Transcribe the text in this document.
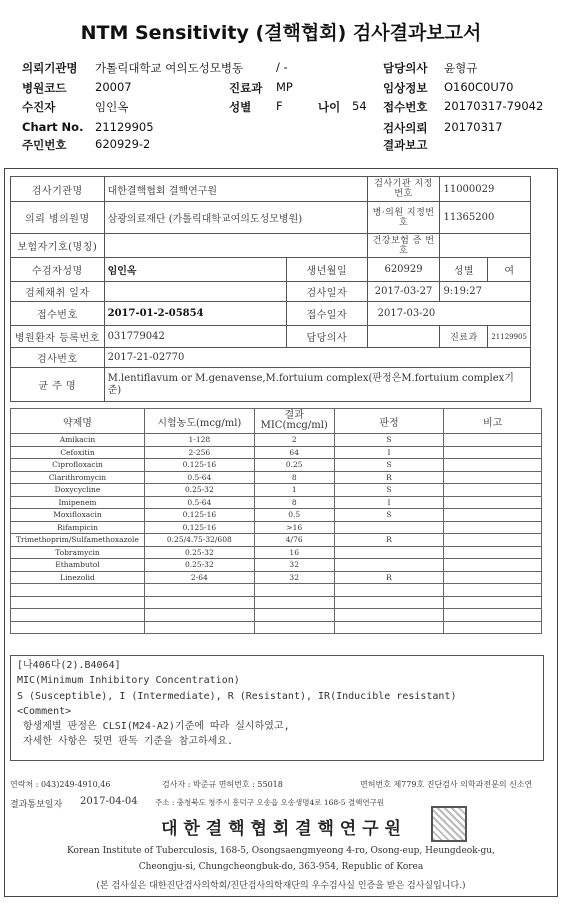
NTM Sensitivity (결핵협회) 검사결과보고서
의뢰기관명 가톨릭대학교 여의도성모병동
병원코드 20007
수진자	임인옥
Chart No. 21129905
주민번호 620929-2
/ -
진료과 MP
성별 F	나이 54
담당의사 윤형규
임상정보 O160C0U70
접수번호 20170317-79042
검사의뢰 20170317
결과보고
검사기관명	대한결핵협회 결핵연구원		검사기관 지정번호	11000029	
의뢰 병의원명	삼광의료재단 (가톨릭대학교여의도성모병원)		병·의원 지정번호	11365200	
보험자기호(명칭)			건강보험 증 번 호		
수검자성명	임인옥	생년월일	620929	성별	여
검체채취 일자		검사일자	2017-03-27	9:19:27	
접수번호	2017-01-2-05854	접수일자	2017-03-20		
병원환자 등록번호	031779042	담당의사		진료과	21129905
검사번호	2017-21-02770				
균 주 명	M.lentiflavum or M.genavense,M.fortuium complex(판정은M.fortuium complex기준)				
약제명	시험농도(mcg/ml)	결과 MIC(mcg/ml)	판정	비고
Amikacin	1-128	2	S	
Cefoxitin	2-256	64	I	
Ciprofloxacin	0.125-16	0.25	S	
Clarithromycin	0.5-64	8	R	
Doxycycline	0.25-32	1	S	
Imipenem	0.5-64	8	I	
Moxifloxacin	0.125-16	0.5	S	
Rifampicin	0.125-16	>16		
Trimethoprim/Sulfamethoxazole	0.25/4.75-32/608	4/76	R	
Tobramycin	0.25-32	16		
Ethambutol	0.25-32	32		
Linezolid	2-64	32	R	

[나406다(2).B4064]
MIC(Minimum Inhibitory Concentration)
S (Susceptible), I (Intermediate), R (Resistant), IR(Inducible resistant)
<Comment>
항생제별 판정은 CLSI(M24-A2)기준에 따라 실시하였고,
자세한 사항은 뒷면 판독 기준을 참고하세요.
연락처 : 043)249-4910,46	검사자 : 박준규 면허번호 : 55018	면허번호 제779호 진단검사 의학과전문의 신소연
결과통보일자 2017-04-04 주소 : 충청북도 청주시 흥덕구 오송읍 오송생명4로 168-5 결핵연구원
대 한 결 핵 협 회 결 핵 연 구 원
Korean Institute of Tuberculosis, 168-5, Osongsaengmyeong 4-ro, Osong-eup, Heungdeok-gu,
Cheongju-si, Chungcheongbuk-do, 363-954, Republic of Korea
(본 검사실은 대한진단검사의학회/진단검사의학재단의 우수검사실 인증을 받은 검사실입니다.)
